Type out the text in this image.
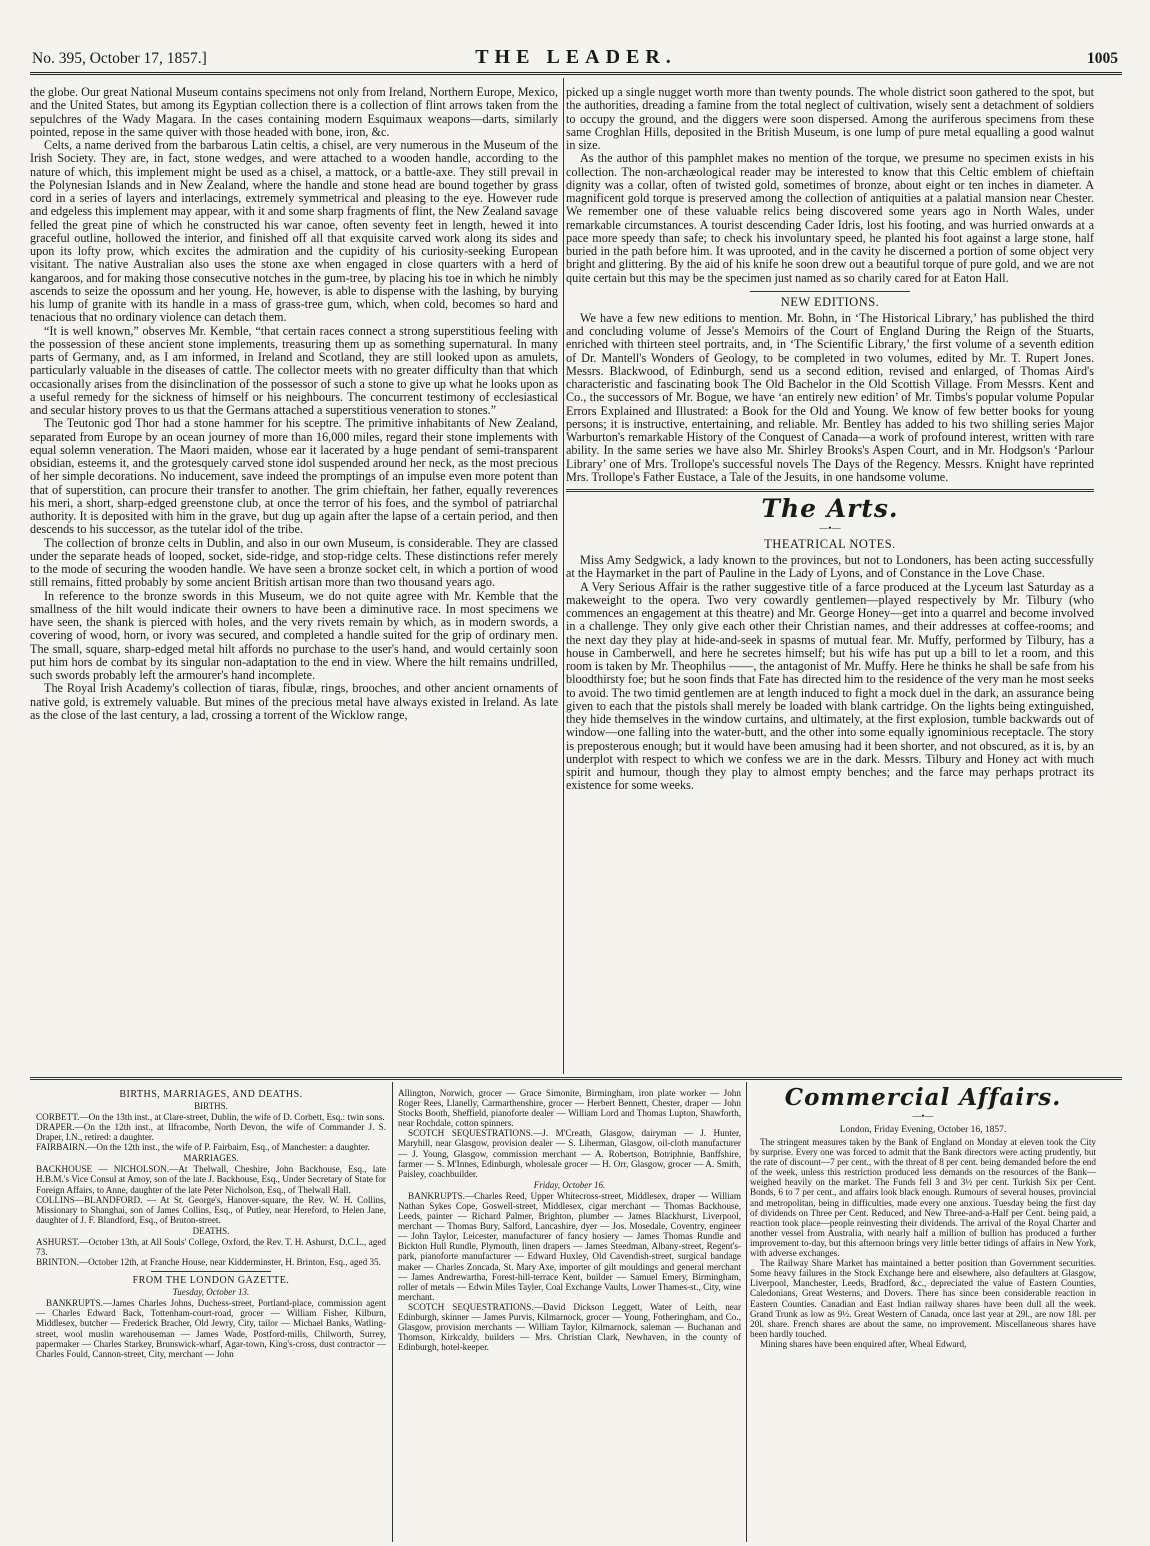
No. 395, October 17, 1857.]	THE LEADER.	1005

the globe. Our great National Museum contains specimens not only from Ireland, Northern Europe, Mexico, and the United States, but among its Egyptian collection there is a collection of flint arrows taken from the sepulchres of the Wady Magara. In the cases containing modern Esquimaux weapons—darts, similarly pointed, repose in the same quiver with those headed with bone, iron, &c.

Celts, a name derived from the barbarous Latin celtis, a chisel, are very numerous in the Museum of the Irish Society. They are, in fact, stone wedges, and were attached to a wooden handle, according to the nature of which, this implement might be used as a chisel, a mattock, or a battle-axe. They still prevail in the Polynesian Islands and in New Zealand, where the handle and stone head are bound together by grass cord in a series of layers and interlacings, extremely symmetrical and pleasing to the eye. However rude and edgeless this implement may appear, with it and some sharp fragments of flint, the New Zealand savage felled the great pine of which he constructed his war canoe, often seventy feet in length, hewed it into graceful outline, hollowed the interior, and finished off all that exquisite carved work along its sides and upon its lofty prow, which excites the admiration and the cupidity of his curiosity-seeking European visitant. The native Australian also uses the stone axe when engaged in close quarters with a herd of kangaroos, and for making those consecutive notches in the gum-tree, by placing his toe in which he nimbly ascends to seize the opossum and her young. He, however, is able to dispense with the lashing, by burying his lump of granite with its handle in a mass of grass-tree gum, which, when cold, becomes so hard and tenacious that no ordinary violence can detach them.

“It is well known,” observes Mr. Kemble, “that certain races connect a strong superstitious feeling with the possession of these ancient stone implements, treasuring them up as something supernatural. In many parts of Germany, and, as I am informed, in Ireland and Scotland, they are still looked upon as amulets, particularly valuable in the diseases of cattle. The collector meets with no greater difficulty than that which occasionally arises from the disinclination of the possessor of such a stone to give up what he looks upon as a useful remedy for the sickness of himself or his neighbours. The concurrent testimony of ecclesiastical and secular history proves to us that the Germans attached a superstitious veneration to stones.”

The Teutonic god Thor had a stone hammer for his sceptre. The primitive inhabitants of New Zealand, separated from Europe by an ocean journey of more than 16,000 miles, regard their stone implements with equal solemn veneration. The Maori maiden, whose ear it lacerated by a huge pendant of semi-transparent obsidian, esteems it, and the grotesquely carved stone idol suspended around her neck, as the most precious of her simple decorations. No inducement, save indeed the promptings of an impulse even more potent than that of superstition, can procure their transfer to another. The grim chieftain, her father, equally reverences his meri, a short, sharp-edged greenstone club, at once the terror of his foes, and the symbol of patriarchal authority. It is deposited with him in the grave, but dug up again after the lapse of a certain period, and then descends to his successor, as the tutelar idol of the tribe.

The collection of bronze celts in Dublin, and also in our own Museum, is considerable. They are classed under the separate heads of looped, socket, side-ridge, and stop-ridge celts. These distinctions refer merely to the mode of securing the wooden handle. We have seen a bronze socket celt, in which a portion of wood still remains, fitted probably by some ancient British artisan more than two thousand years ago.

In reference to the bronze swords in this Museum, we do not quite agree with Mr. Kemble that the smallness of the hilt would indicate their owners to have been a diminutive race. In most specimens we have seen, the shank is pierced with holes, and the very rivets remain by which, as in modern swords, a covering of wood, horn, or ivory was secured, and completed a handle suited for the grip of ordinary men. The small, square, sharp-edged metal hilt affords no purchase to the user's hand, and would certainly soon put him hors de combat by its singular non-adaptation to the end in view. Where the hilt remains undrilled, such swords probably left the armourer's hand incomplete.

The Royal Irish Academy's collection of tiaras, fibulæ, rings, brooches, and other ancient ornaments of native gold, is extremely valuable. But mines of the precious metal have always existed in Ireland. As late as the close of the last century, a lad, crossing a torrent of the Wicklow range,

picked up a single nugget worth more than twenty pounds. The whole district soon gathered to the spot, but the authorities, dreading a famine from the total neglect of cultivation, wisely sent a detachment of soldiers to occupy the ground, and the diggers were soon dispersed. Among the auriferous specimens from these same Croghlan Hills, deposited in the British Museum, is one lump of pure metal equalling a good walnut in size.

As the author of this pamphlet makes no mention of the torque, we presume no specimen exists in his collection. The non-archæological reader may be interested to know that this Celtic emblem of chieftain dignity was a collar, often of twisted gold, sometimes of bronze, about eight or ten inches in diameter. A magnificent gold torque is preserved among the collection of antiquities at a palatial mansion near Chester. We remember one of these valuable relics being discovered some years ago in North Wales, under remarkable circumstances. A tourist descending Cader Idris, lost his footing, and was hurried onwards at a pace more speedy than safe; to check his involuntary speed, he planted his foot against a large stone, half buried in the path before him. It was uprooted, and in the cavity he discerned a portion of some object very bright and glittering. By the aid of his knife he soon drew out a beautiful torque of pure gold, and we are not quite certain but this may be the specimen just named as so charily cared for at Eaton Hall.

NEW EDITIONS.

We have a few new editions to mention. Mr. Bohn, in ‘The Historical Library,’ has published the third and concluding volume of Jesse's Memoirs of the Court of England During the Reign of the Stuarts, enriched with thirteen steel portraits, and, in ‘The Scientific Library,’ the first volume of a seventh edition of Dr. Mantell's Wonders of Geology, to be completed in two volumes, edited by Mr. T. Rupert Jones. Messrs. Blackwood, of Edinburgh, send us a second edition, revised and enlarged, of Thomas Aird's characteristic and fascinating book The Old Bachelor in the Old Scottish Village. From Messrs. Kent and Co., the successors of Mr. Bogue, we have ‘an entirely new edition’ of Mr. Timbs's popular volume Popular Errors Explained and Illustrated: a Book for the Old and Young. We know of few better books for young persons; it is instructive, entertaining, and reliable. Mr. Bentley has added to his two shilling series Major Warburton's remarkable History of the Conquest of Canada—a work of profound interest, written with rare ability. In the same series we have also Mr. Shirley Brooks's Aspen Court, and in Mr. Hodgson's ‘Parlour Library’ one of Mrs. Trollope's successful novels The Days of the Regency. Messrs. Knight have reprinted Mrs. Trollope's Father Eustace, a Tale of the Jesuits, in one handsome volume.

The Arts.
—•—
THEATRICAL NOTES.

Miss Amy Sedgwick, a lady known to the provinces, but not to Londoners, has been acting successfully at the Haymarket in the part of Pauline in the Lady of Lyons, and of Constance in the Love Chase.

A Very Serious Affair is the rather suggestive title of a farce produced at the Lyceum last Saturday as a makeweight to the opera. Two very cowardly gentlemen—played respectively by Mr. Tilbury (who commences an engagement at this theatre) and Mr. George Honey—get into a quarrel and become involved in a challenge. They only give each other their Christian names, and their addresses at coffee-rooms; and the next day they play at hide-and-seek in spasms of mutual fear. Mr. Muffy, performed by Tilbury, has a house in Camberwell, and here he secretes himself; but his wife has put up a bill to let a room, and this room is taken by Mr. Theophilus ——, the antagonist of Mr. Muffy. Here he thinks he shall be safe from his bloodthirsty foe; but he soon finds that Fate has directed him to the residence of the very man he most seeks to avoid. The two timid gentlemen are at length induced to fight a mock duel in the dark, an assurance being given to each that the pistols shall merely be loaded with blank cartridge. On the lights being extinguished, they hide themselves in the window curtains, and ultimately, at the first explosion, tumble backwards out of window—one falling into the water-butt, and the other into some equally ignominious receptacle. The story is preposterous enough; but it would have been amusing had it been shorter, and not obscured, as it is, by an underplot with respect to which we confess we are in the dark. Messrs. Tilbury and Honey act with much spirit and humour, though they play to almost empty benches; and the farce may perhaps protract its existence for some weeks.

BIRTHS, MARRIAGES, AND DEATHS.
BIRTHS.

CORBETT.—On the 13th inst., at Clare-street, Dublin, the wife of D. Corbett, Esq.: twin sons.

DRAPER.—On the 12th inst., at Ilfracombe, North Devon, the wife of Commander J. S. Draper, I.N., retired: a daughter.

FAIRBAIRN.—On the 12th inst., the wife of P. Fairbairn, Esq., of Manchester: a daughter.

MARRIAGES.

BACKHOUSE — NICHOLSON.—At Thelwall, Cheshire, John Backhouse, Esq., late H.B.M.'s Vice Consul at Amoy, son of the late J. Backhouse, Esq., Under Secretary of State for Foreign Affairs, to Anne, daughter of the late Peter Nicholson, Esq., of Thelwall Hall.

COLLINS—BLANDFORD. — At St. George's, Hanover-square, the Rev. W. H. Collins, Missionary to Shanghai, son of James Collins, Esq., of Putley, near Hereford, to Helen Jane, daughter of J. F. Blandford, Esq., of Bruton-street.

DEATHS.

ASHURST.—October 13th, at All Souls' College, Oxford, the Rev. T. H. Ashurst, D.C.L., aged 73.

BRINTON.—October 12th, at Franche House, near Kidderminster, H. Brinton, Esq., aged 35.

FROM THE LONDON GAZETTE.
Tuesday, October 13.

BANKRUPTS.—James Charles Johns, Duchess-street, Portland-place, commission agent — Charles Edward Back, Tottenham-court-road, grocer — William Fisher, Kilburn, Middlesex, butcher — Frederick Bracher, Old Jewry, City, tailor — Michael Banks, Watling-street, wool muslin warehouseman — James Wade, Postford-mills, Chilworth, Surrey, papermaker — Charles Starkey, Brunswick-wharf, Agar-town, King's-cross, dust contractor — Charles Fould, Cannon-street, City, merchant — John

Allington, Norwich, grocer — Grace Simonite, Birmingham, iron plate worker — John Roger Rees, Llanelly, Carmarthenshire, grocer — Herbert Bennett, Chester, draper — John Stocks Booth, Sheffield, pianoforte dealer — William Lord and Thomas Lupton, Shawforth, near Rochdale, cotton spinners.

SCOTCH SEQUESTRATIONS.—J. M'Creath, Glasgow, dairyman — J. Hunter, Maryhill, near Glasgow, provision dealer — S. Liberman, Glasgow, oil-cloth manufacturer — J. Young, Glasgow, commission merchant — A. Robertson, Botriphnie, Banffshire, farmer — S. M'Innes, Edinburgh, wholesale grocer — H. Orr, Glasgow, grocer — A. Smith, Paisley, coachbuilder.

Friday, October 16.

BANKRUPTS.—Charles Reed, Upper Whitecross-street, Middlesex, draper — William Nathan Sykes Cope, Goswell-street, Middlesex, cigar merchant — Thomas Backhouse, Leeds, painter — Richard Palmer, Brighton, plumber — James Blackhurst, Liverpool, merchant — Thomas Bury, Salford, Lancashire, dyer — Jos. Mosedale, Coventry, engineer — John Taylor, Leicester, manufacturer of fancy hosiery — James Thomas Rundle and Bickton Hull Rundle, Plymouth, linen drapers — James Steedman, Albany-street, Regent's-park, pianoforte manufacturer — Edward Huxley, Old Cavendish-street, surgical bandage maker — Charles Zoncada, St. Mary Axe, importer of gilt mouldings and general merchant — James Andrewartha, Forest-hill-terrace Kent, builder — Samuel Emery, Birmingham, roller of metals — Edwin Miles Tayler, Coal Exchange Vaults, Lower Thames-st., City, wine merchant.

SCOTCH SEQUESTRATIONS.—David Dickson Leggett, Water of Leith, near Edinburgh, skinner — James Purvis, Kilmarnock, grocer — Young, Fotheringham, and Co., Glasgow, provision merchants — William Taylor, Kilmarnock, saleman — Buchanan and Thomson, Kirkcaldy, builders — Mrs. Christian Clark, Newhaven, in the county of Edinburgh, hotel-keeper.

Commercial Affairs.
—•—
London, Friday Evening, October 16, 1857.

The stringent measures taken by the Bank of England on Monday at eleven took the City by surprise. Every one was forced to admit that the Bank directors were acting prudently, but the rate of discount—7 per cent., with the threat of 8 per cent. being demanded before the end of the week, unless this restriction produced less demands on the resources of the Bank—weighed heavily on the market. The Funds fell 3 and 3½ per cent. Turkish Six per Cent. Bonds, 6 to 7 per cent., and affairs look black enough. Rumours of several houses, provincial and metropolitan, being in difficulties, made every one anxious. Tuesday being the first day of dividends on Three per Cent. Reduced, and New Three-and-a-Half per Cent. being paid, a reaction took place—people reinvesting their dividends. The arrival of the Royal Charter and another vessel from Australia, with nearly half a million of bullion has produced a further improvement to-day, but this afternoon brings very little better tidings of affairs in New York, with adverse exchanges.

The Railway Share Market has maintained a better position than Government securities. Some heavy failures in the Stock Exchange here and elsewhere, also defaulters at Glasgow, Liverpool, Manchester, Leeds, Bradford, &c., depreciated the value of Eastern Counties, Caledonians, Great Westerns, and Dovers. There has since been considerable reaction in Eastern Counties. Canadian and East Indian railway shares have been dull all the week. Grand Trunk as low as 9½. Great Western of Canada, once last year at 29l., are now 18l. per 20l. share. French shares are about the same, no improvement. Miscellaneous shares have been hardly touched.

Mining shares have been enquired after, Wheal Edward,
